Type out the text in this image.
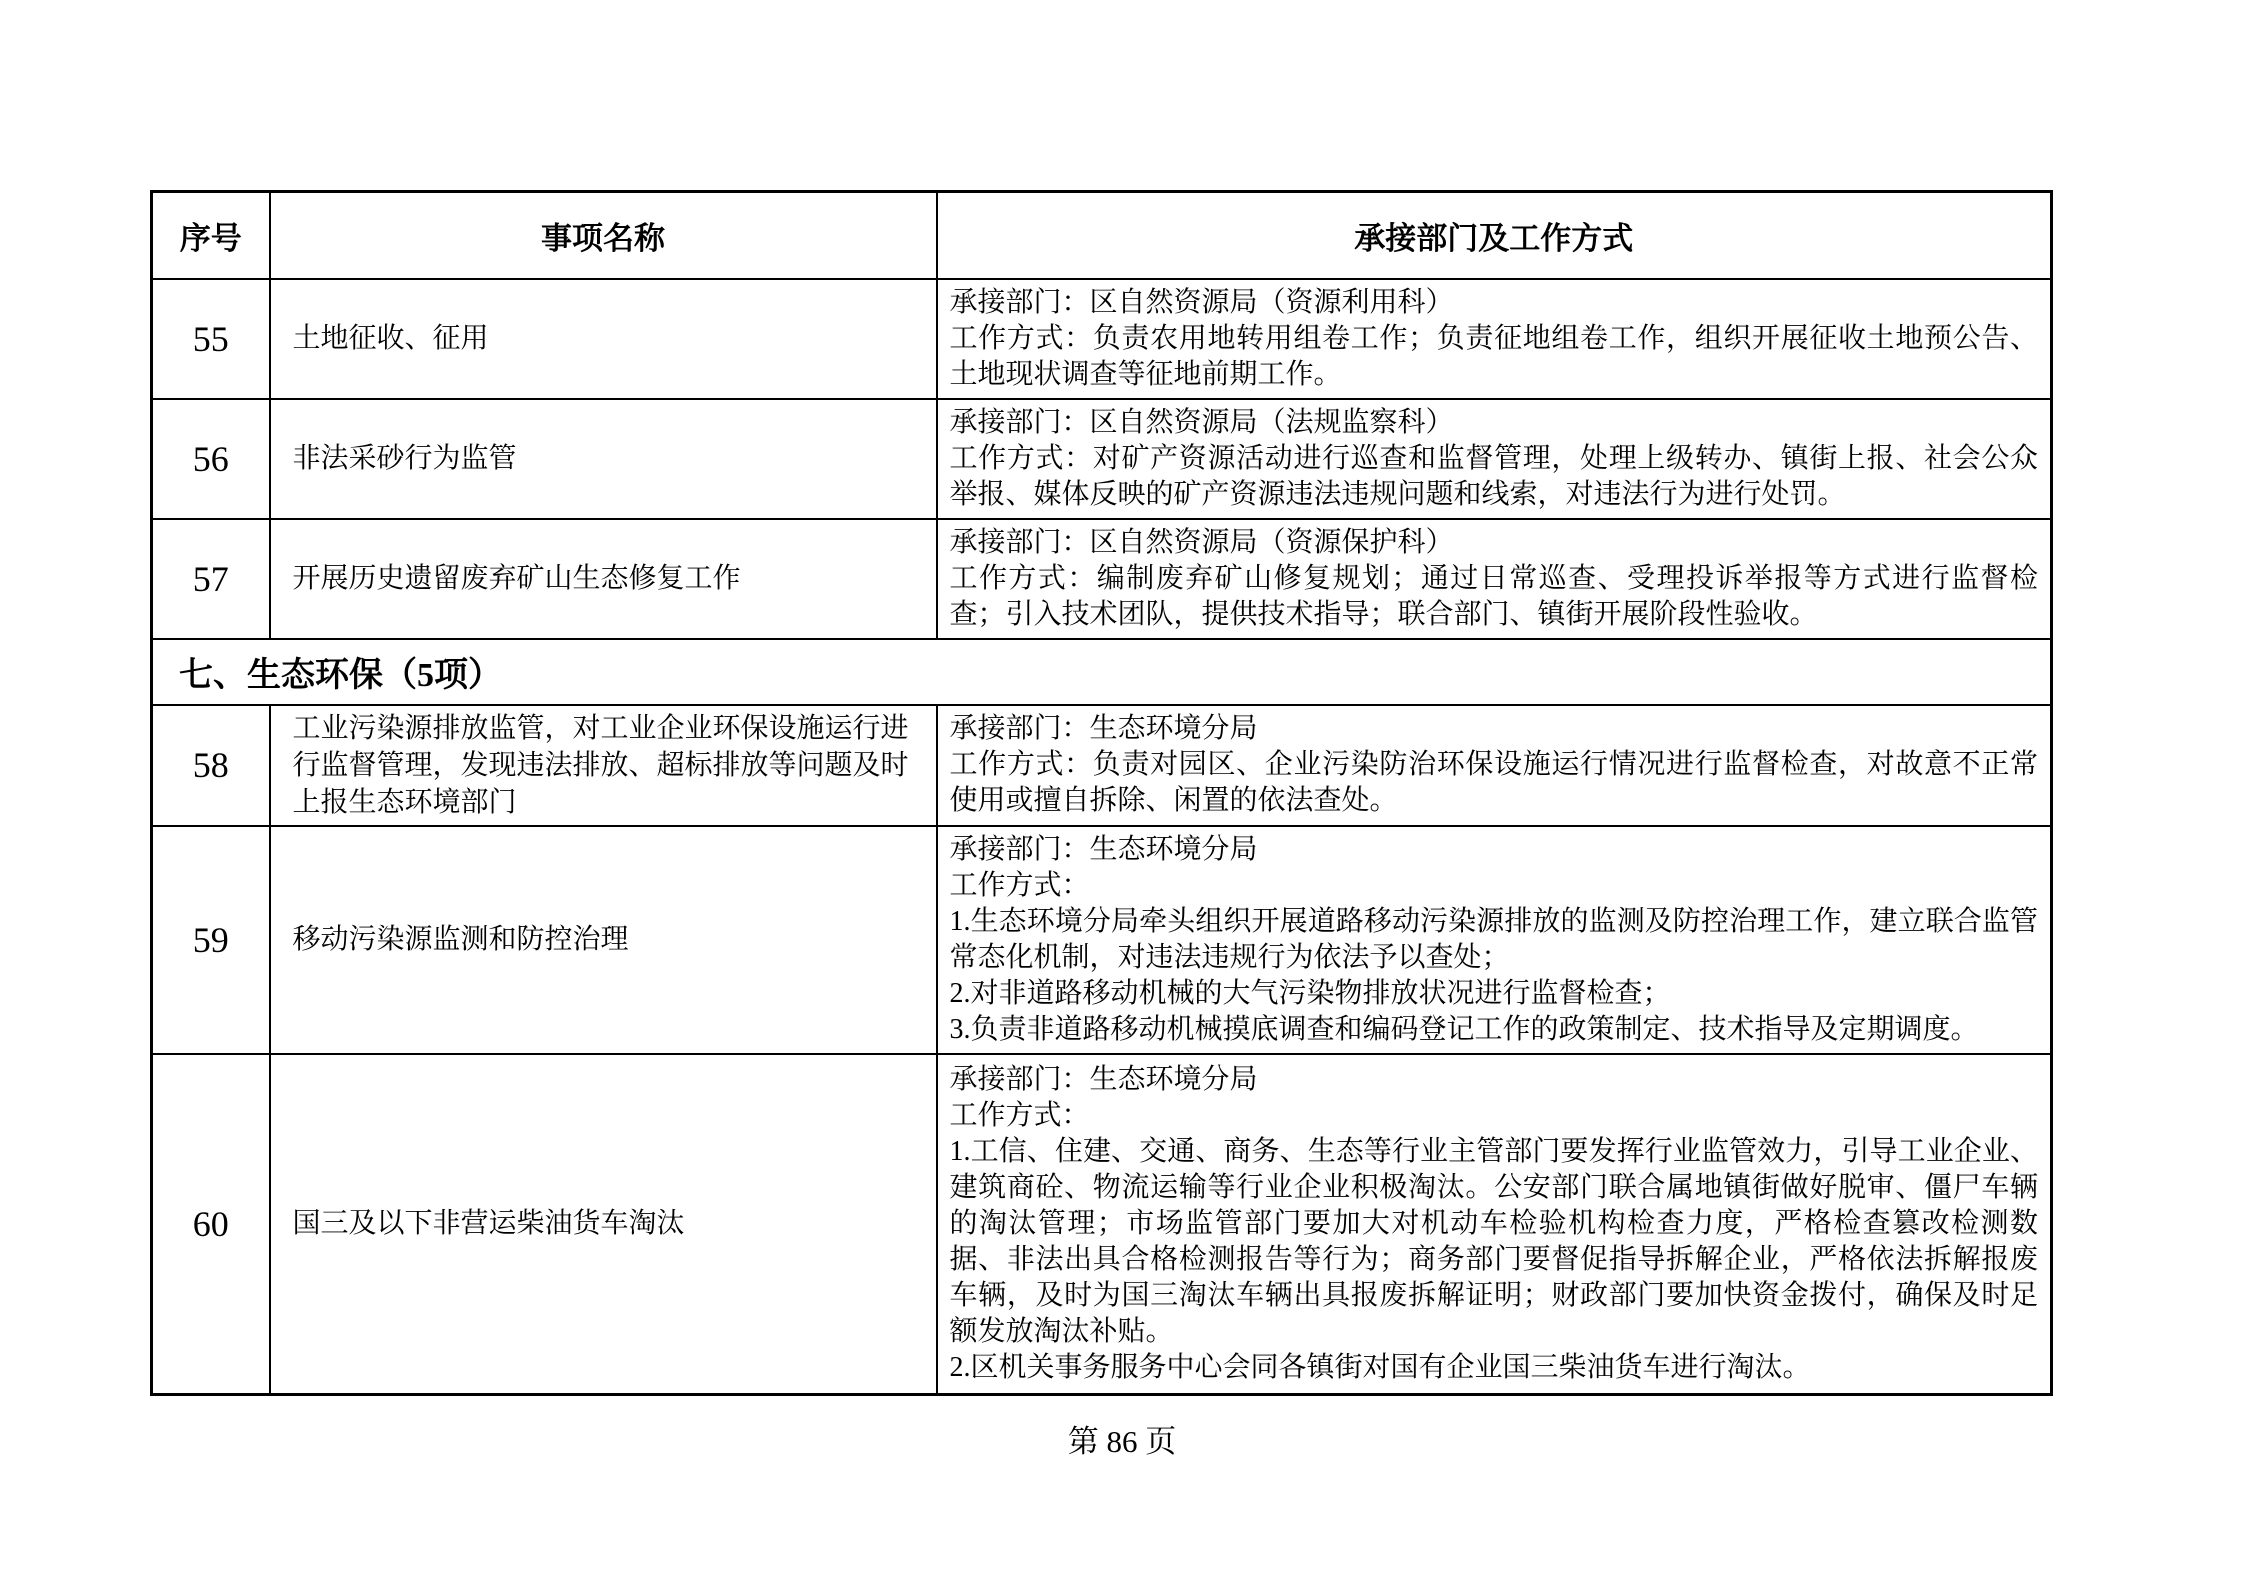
序号	事项名称	承接部门及工作方式
55	土地征收、征用	承接部门：区自然资源局（资源利用科）

工作方式：负责农用地转用组卷工作；负责征地组卷工作，组织开展征收土地预公告、土地现状调查等征地前期工作。

56	非法采砂行为监管	承接部门：区自然资源局（法规监察科）

工作方式：对矿产资源活动进行巡查和监督管理，处理上级转办、镇街上报、社会公众举报、媒体反映的矿产资源违法违规问题和线索，对违法行为进行处罚。

57	开展历史遗留废弃矿山生态修复工作	承接部门：区自然资源局（资源保护科）

工作方式：编制废弃矿山修复规划；通过日常巡查、受理投诉举报等方式进行监督检查；引入技术团队，提供技术指导；联合部门、镇街开展阶段性验收。

七、生态环保（5项）		
58	工业污染源排放监管，对工业企业环保设施运行进行监督管理，发现违法排放、超标排放等问题及时上报生态环境部门	承接部门：生态环境分局

工作方式：负责对园区、企业污染防治环保设施运行情况进行监督检查，对故意不正常使用或擅自拆除、闲置的依法查处。

59	移动污染源监测和防控治理	承接部门：生态环境分局

工作方式：

1.生态环境分局牵头组织开展道路移动污染源排放的监测及防控治理工作，建立联合监管常态化机制，对违法违规行为依法予以查处；

2.对非道路移动机械的大气污染物排放状况进行监督检查；

3.负责非道路移动机械摸底调查和编码登记工作的政策制定、技术指导及定期调度。

60	国三及以下非营运柴油货车淘汰	承接部门：生态环境分局

工作方式：

1.工信、住建、交通、商务、生态等行业主管部门要发挥行业监管效力，引导工业企业、建筑商砼、物流运输等行业企业积极淘汰。公安部门联合属地镇街做好脱审、僵尸车辆的淘汰管理；市场监管部门要加大对机动车检验机构检查力度，严格检查篡改检测数据、非法出具合格检测报告等行为；商务部门要督促指导拆解企业，严格依法拆解报废车辆，及时为国三淘汰车辆出具报废拆解证明；财政部门要加快资金拨付，确保及时足额发放淘汰补贴。

2.区机关事务服务中心会同各镇街对国有企业国三柴油货车进行淘汰。

第 86 页
